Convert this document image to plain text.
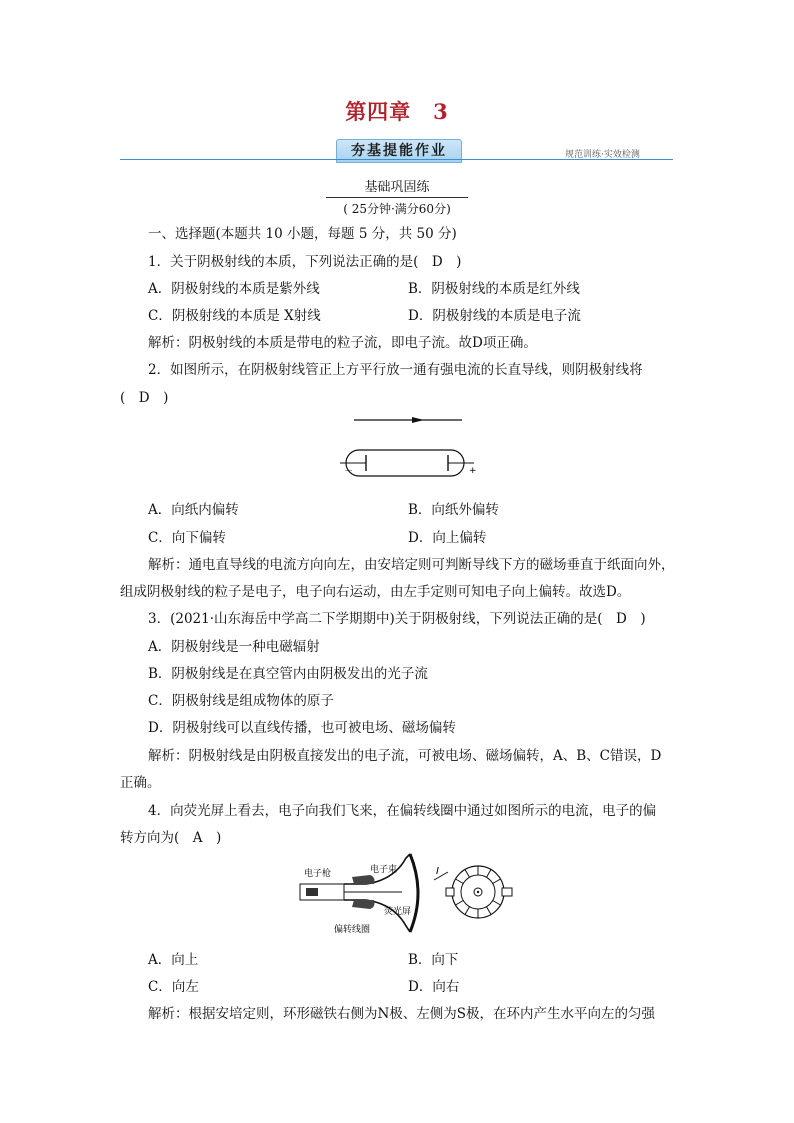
第四章　3
夯基提能作业	规范训练·实效检测
基础巩固练
( 25分钟·满分60分)
一、选择题(本题共 10 小题，每题 5 分，共 50 分)
1．关于阴极射线的本质，下列说法正确的是(　D　)
A．阴极射线的本质是紫外线	B．阴极射线的本质是红外线
C．阴极射线的本质是 X射线	D．阴极射线的本质是电子流
解析：阴极射线的本质是带电的粒子流，即电子流。故D项正确。
2．如图所示，在阴极射线管正上方平行放一通有强电流的长直导线，则阴极射线将
(　D　)
－	+
A．向纸内偏转	B．向纸外偏转
C．向下偏转	D．向上偏转
解析：通电直导线的电流方向向左，由安培定则可判断导线下方的磁场垂直于纸面向外，
组成阴极射线的粒子是电子，电子向右运动，由左手定则可知电子向上偏转。故选D。
3．(2021·山东海岳中学高二下学期期中)关于阴极射线，下列说法正确的是(　D　)
A．阴极射线是一种电磁辐射
B．阴极射线是在真空管内由阴极发出的光子流
C．阴极射线是组成物体的原子
D．阴极射线可以直线传播，也可被电场、磁场偏转
解析：阴极射线是由阴极直接发出的电子流，可被电场、磁场偏转，A、B、C错误，D
正确。
4．向荧光屏上看去，电子向我们飞来，在偏转线圈中通过如图所示的电流，电子的偏
转方向为(　A　)
电子枪	电子束
荧光屏
偏转线圈
I
A．向上	B．向下
C．向左	D．向右
解析：根据安培定则，环形磁铁右侧为N极、左侧为S极，在环内产生水平向左的匀强
